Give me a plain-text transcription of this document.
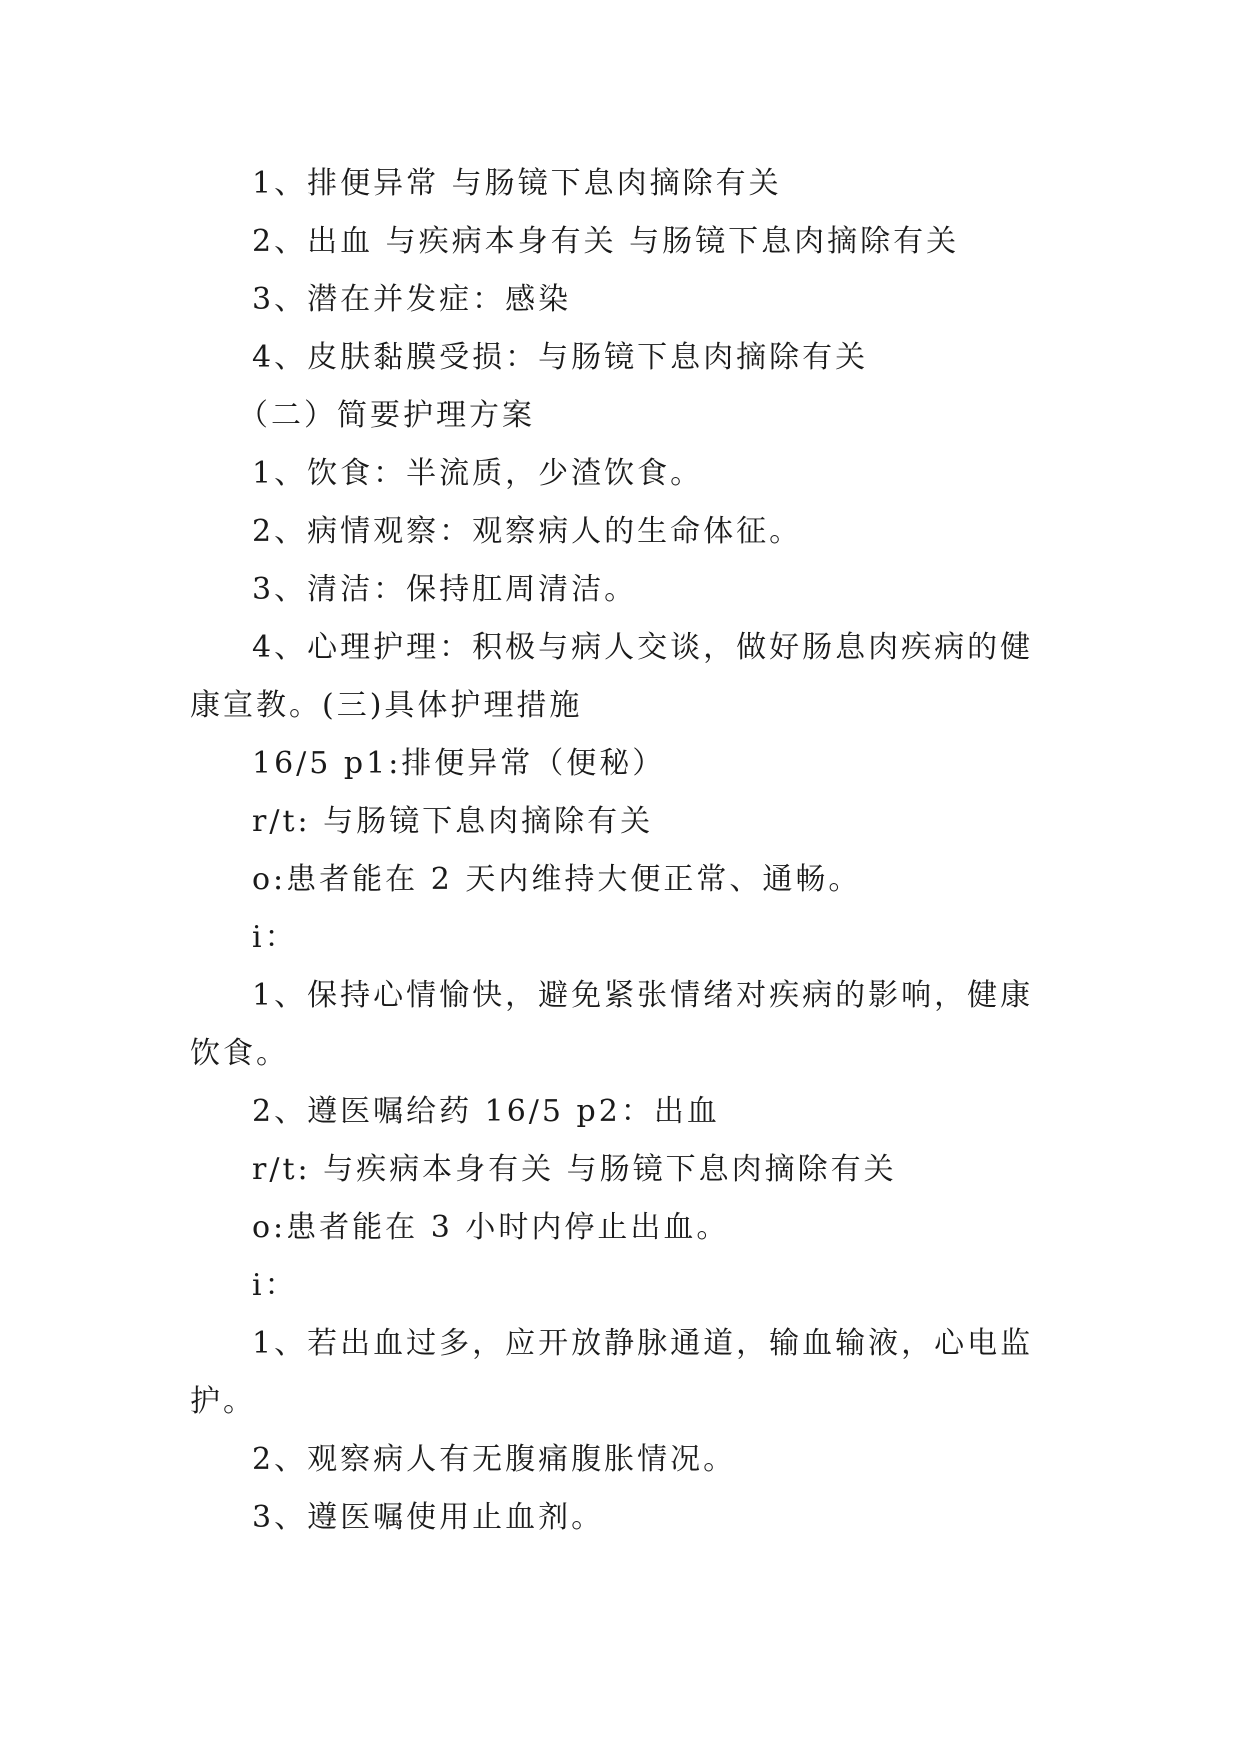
1、排便异常 与肠镜下息肉摘除有关

2、出血 与疾病本身有关 与肠镜下息肉摘除有关

3、潜在并发症：感染

4、皮肤黏膜受损：与肠镜下息肉摘除有关

（二）简要护理方案

1、饮食：半流质，少渣饮食。

2、病情观察：观察病人的生命体征。

3、清洁：保持肛周清洁。

4、心理护理：积极与病人交谈，做好肠息肉疾病的健康宣教。(三)具体护理措施

16/5 p1:排便异常（便秘）

r/t: 与肠镜下息肉摘除有关

o:患者能在 2 天内维持大便正常、通畅。

i：

1、保持心情愉快，避免紧张情绪对疾病的影响，健康饮食。

2、遵医嘱给药 16/5 p2：出血

r/t: 与疾病本身有关 与肠镜下息肉摘除有关

o:患者能在 3 小时内停止出血。

i：

1、若出血过多，应开放静脉通道，输血输液，心电监护。

2、观察病人有无腹痛腹胀情况。

3、遵医嘱使用止血剂。
